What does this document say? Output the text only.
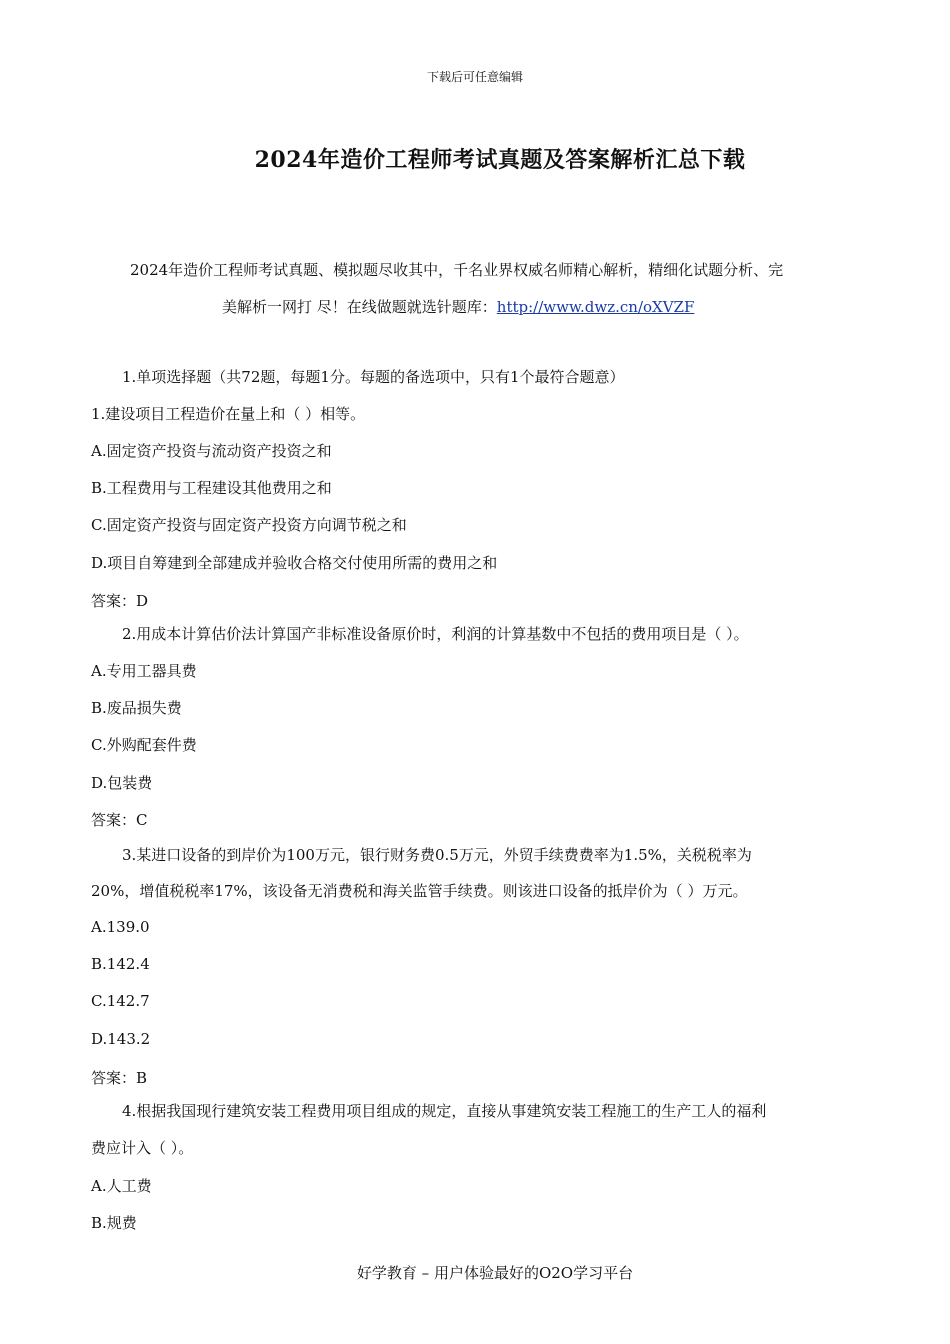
下载后可任意编辑
2024年造价工程师考试真题及答案解析汇总下载
2024年造价工程师考试真题、模拟题尽收其中，千名业界权威名师精心解析，精细化试题分析、完
美解析一网打 尽！在线做题就选针题库：http://www.dwz.cn/oXVZF
1.单项选择题（共72题，每题1分。每题的备选项中，只有1个最符合题意）
1.建设项目工程造价在量上和（ ）相等。
A.固定资产投资与流动资产投资之和
B.工程费用与工程建设其他费用之和
C.固定资产投资与固定资产投资方向调节税之和
D.项目自筹建到全部建成并验收合格交付使用所需的费用之和
答案：D
2.用成本计算估价法计算国产非标准设备原价时，利润的计算基数中不包括的费用项目是（ ）。
A.专用工器具费
B.废品损失费
C.外购配套件费
D.包装费
答案：C
3.某进口设备的到岸价为100万元，银行财务费0.5万元，外贸手续费费率为1.5%，关税税率为
20%，增值税税率17%，该设备无消费税和海关监管手续费。则该进口设备的抵岸价为（ ）万元。
A.139.0
B.142.4
C.142.7
D.143.2
答案：B
4.根据我国现行建筑安装工程费用项目组成的规定，直接从事建筑安装工程施工的生产工人的福利
费应计入（ ）。
A.人工费
B.规费
好学教育 – 用户体验最好的O2O学习平台
